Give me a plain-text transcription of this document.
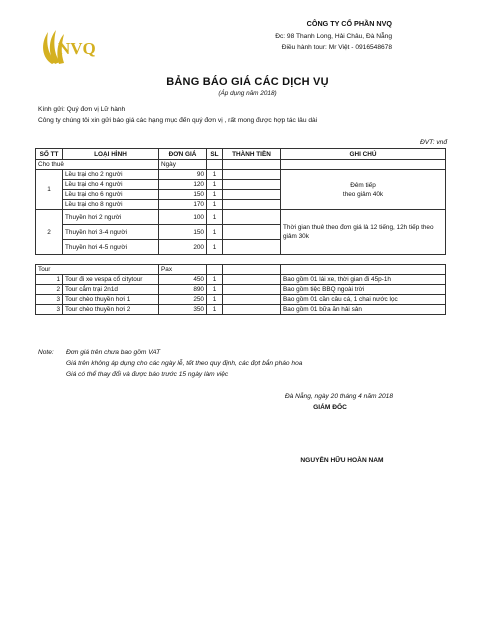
NVQ
CÔNG TY CỔ PHẦN NVQ
Đc: 98 Thanh Long, Hải Châu, Đà Nẵng
Điều hành tour: Mr Việt - 0916548678
BẢNG BÁO GIÁ CÁC DỊCH VỤ
(Áp dụng năm 2018)
Kính gửi: Quý đơn vị Lữ hành
Công ty chúng tôi xin gửi báo giá các hạng mục đến quý đơn vị , rất mong được hợp tác lâu dài
ĐVT: vnđ
SỐ TT	LOẠI HÌNH	ĐƠN GIÁ	SL	THÀNH TIỀN	GHI CHÚ
Cho thuê		Ngày			
1	Lều trại cho 2 người	90	1		Đêm tiếp
theo giảm 40k
	Lều trại cho 4 người	120	1		
	Lều trại cho 6 người	150	1		
	Lều trại cho 8 người	170	1		
2	Thuyền hơi 2 người	100	1		Thời gian thuê theo đơn giá là 12 tiếng, 12h tiếp theo giảm 30k
	Thuyền hơi 3-4 người	150	1		
	Thuyền hơi 4-5 người	200	1		

Tour		Pax			
1	Tour đi xe vespa cổ citytour	450	1		Bao gồm 01 lái xe, thời gian đi 45p-1h
2	Tour cắm trại 2n1d	890	1		Bao gồm tiệc BBQ ngoài trời
3	Tour chèo thuyền hơi 1	250	1		Bao gồm 01 cần câu cá, 1 chai nước lọc
3	Tour chèo thuyền hơi 2	350	1		Bao gồm 01 bữa ăn hải sản
Note: Đơn giá trên chưa bao gồm VAT
Giá trên không áp dụng cho các ngày lễ, tết theo quy định, các đợt bắn pháo hoa
Giá có thể thay đổi và được báo trước 15 ngày làm việc
Đà Nẵng, ngày 20 tháng 4 năm 2018
GIÁM ĐỐC
NGUYỄN HỮU HOÀN NAM
